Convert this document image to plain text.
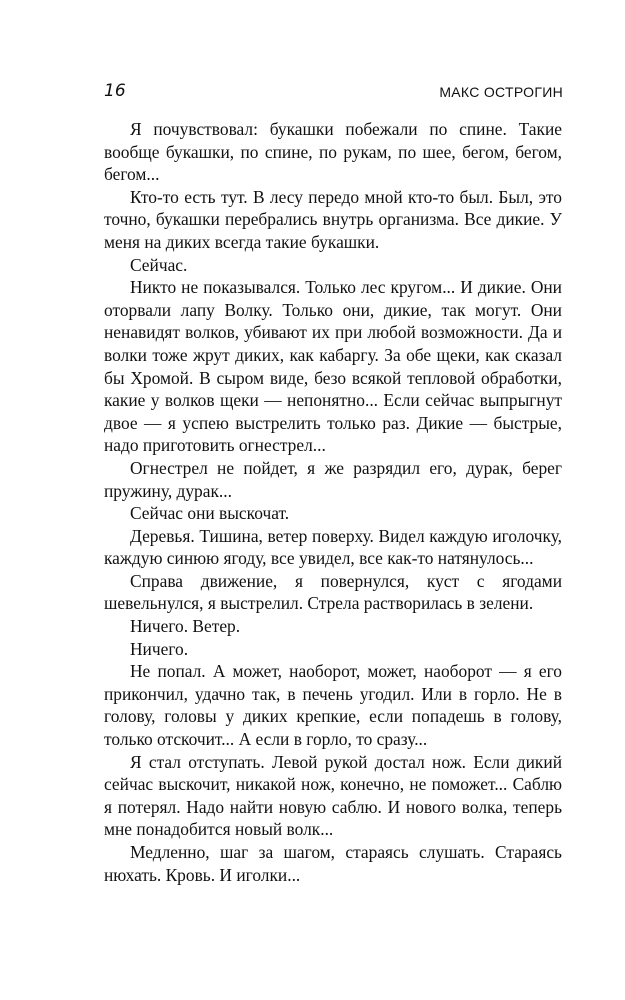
16	МАКС ОСТРОГИН

Я почувствовал: букашки побежали по спине. Такие вообще букашки, по спине, по рукам, по шее, бегом, бегом, бегом...

Кто-то есть тут. В лесу передо мной кто-то был. Был, это точно, букашки перебрались внутрь организма. Все дикие. У меня на диких всегда такие букашки.

Сейчас.

Никто не показывался. Только лес кругом... И дикие. Они оторвали лапу Волку. Только они, дикие, так могут. Они ненавидят волков, убивают их при любой возможности. Да и волки тоже жрут диких, как кабаргу. За обе щеки, как сказал бы Хромой. В сыром виде, безо всякой тепловой обработки, какие у волков щеки — непонятно... Если сейчас выпрыгнут двое — я успею выстрелить только раз. Дикие — быстрые, надо приготовить огнестрел...

Огнестрел не пойдет, я же разрядил его, дурак, берег пружину, дурак...

Сейчас они выскочат.

Деревья. Тишина, ветер поверху. Видел каждую иголочку, каждую синюю ягоду, все увидел, все как-то натянулось...

Справа движение, я повернулся, куст с ягодами шевельнулся, я выстрелил. Стрела растворилась в зелени.

Ничего. Ветер.

Ничего.

Не попал. А может, наоборот, может, наоборот — я его прикончил, удачно так, в печень угодил. Или в горло. Не в голову, головы у диких крепкие, если попадешь в голову, только отскочит... А если в горло, то сразу...

Я стал отступать. Левой рукой достал нож. Если дикий сейчас выскочит, никакой нож, конечно, не поможет... Саблю я потерял. Надо найти новую саблю. И нового волка, теперь мне понадобится новый волк...

Медленно, шаг за шагом, стараясь слушать. Стараясь нюхать. Кровь. И иголки...
